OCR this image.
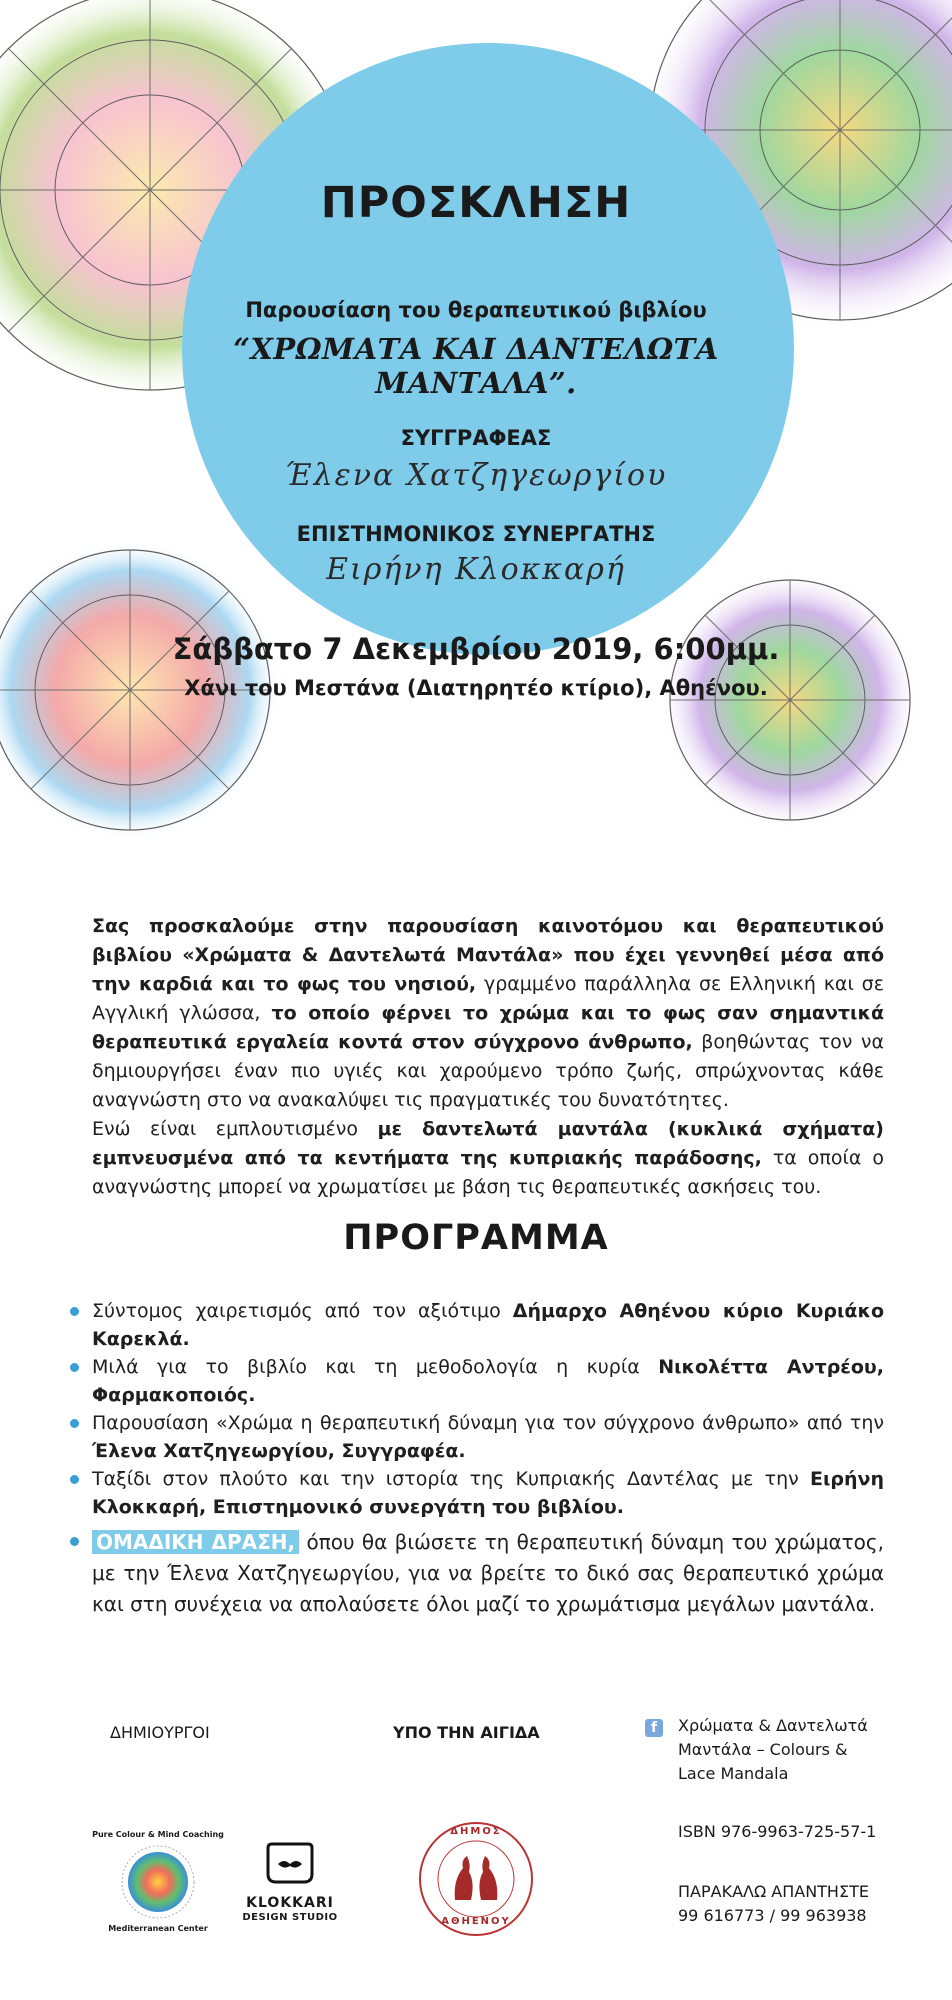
ΠΡΟΣΚΛΗΣΗ
Παρουσίαση του θεραπευτικού βιβλίου
“ΧΡΩΜΑΤΑ ΚΑΙ ΔΑΝΤΕΛΩΤΑ ΜΑΝΤΑΛΑ”.
ΣΥΓΓΡΑΦΕΑΣ
Έλενα Χατζηγεωργίου
ΕΠΙΣΤΗΜΟΝΙΚΟΣ ΣΥΝΕΡΓΑΤΗΣ
Ειρήνη Κλοκκαρή
Σάββατο 7 Δεκεμβρίου 2019, 6:00μμ.
Χάνι του Μεστάνα (Διατηρητέο κτίριο), Αθηένου.

Σας προσκαλούμε στην παρουσίαση καινοτόμου και θεραπευτικού βιβλίου «Χρώματα & Δαντελωτά Μαντάλα» που έχει γεννηθεί μέσα από την καρδιά και το φως του νησιού, γραμμένο παράλληλα σε Ελληνική και σε Αγγλική γλώσσα, το οποίο φέρνει το χρώμα και το φως σαν σημαντικά θεραπευτικά εργαλεία κοντά στον σύγχρονο άνθρωπο, βοηθώντας τον να δημιουργήσει έναν πιο υγιές και χαρούμενο τρόπο ζωής, σπρώχνοντας κάθε αναγνώστη στο να ανακαλύψει τις πραγματικές του δυνατότητες.

Ενώ είναι εμπλουτισμένο με δαντελωτά μαντάλα (κυκλικά σχήματα) εμπνευσμένα από τα κεντήματα της κυπριακής παράδοσης, τα οποία ο αναγνώστης μπορεί να χρωματίσει με βάση τις θεραπευτικές ασκήσεις του.

ΠΡΟΓΡΑΜΜΑ
Σύντομος χαιρετισμός από τον αξιότιμο Δήμαρχο Αθηένου κύριο Κυριάκο Καρεκλά.
Μιλά για το βιβλίο και τη μεθοδολογία η κυρία Νικολέττα Αντρέου, Φαρμακοποιός.
Παρουσίαση «Χρώμα η θεραπευτική δύναμη για τον σύγχρονο άνθρωπο» από την Έλενα Χατζηγεωργίου, Συγγραφέα.
Ταξίδι στον πλούτο και την ιστορία της Κυπριακής Δαντέλας με την Ειρήνη Κλοκκαρή, Επιστημονικό συνεργάτη του βιβλίου.
ΟΜΑΔΙΚΗ ΔΡΑΣΗ, όπου θα βιώσετε τη θεραπευτική δύναμη του χρώματος, με την Έλενα Χατζηγεωργίου, για να βρείτε το δικό σας θεραπευτικό χρώμα και στη συνέχεια να απολαύσετε όλοι μαζί το χρωμάτισμα μεγάλων μαντάλα.
ΔΗΜΙΟΥΡΓΟΙ	ΥΠΟ ΤΗΝ ΑΙΓΙΔΑ	f	Χρώματα & Δαντελωτά
Μαντάλα – Colours &
Lace Mandala
ISBN 976-9963-725-57-1
ΠΑΡΑΚΑΛΩ ΑΠΑΝΤΗΣΤΕ
99 616773 / 99 963938
Pure Colour & Mind Coaching
Mediterranean Center
KLOKKARI
DESIGN STUDIO
ΔΗΜΟΣ
ΑΘΗΕΝΟΥ
